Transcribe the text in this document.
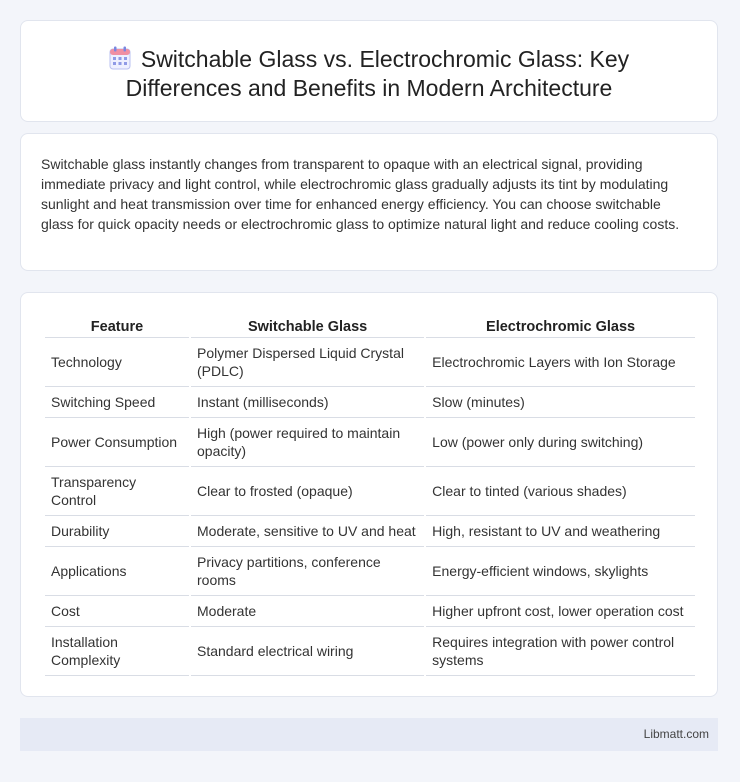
Switchable Glass vs. Electrochromic Glass: Key Differences and Benefits in Modern Architecture

Switchable glass instantly changes from transparent to opaque with an electrical signal, providing immediate privacy and light control, while electrochromic glass gradually adjusts its tint by modulating sunlight and heat transmission over time for enhanced energy efficiency. You can choose switchable glass for quick opacity needs or electrochromic glass to optimize natural light and reduce cooling costs.

Feature	Switchable Glass	Electrochromic Glass
Technology	Polymer Dispersed Liquid Crystal (PDLC)	Electrochromic Layers with Ion Storage
Switching Speed	Instant (milliseconds)	Slow (minutes)
Power Consumption	High (power required to maintain opacity)	Low (power only during switching)
Transparency Control	Clear to frosted (opaque)	Clear to tinted (various shades)
Durability	Moderate, sensitive to UV and heat	High, resistant to UV and weathering
Applications	Privacy partitions, conference rooms	Energy-efficient windows, skylights
Cost	Moderate	Higher upfront cost, lower operation cost
Installation Complexity	Standard electrical wiring	Requires integration with power control systems
Libmatt.com
